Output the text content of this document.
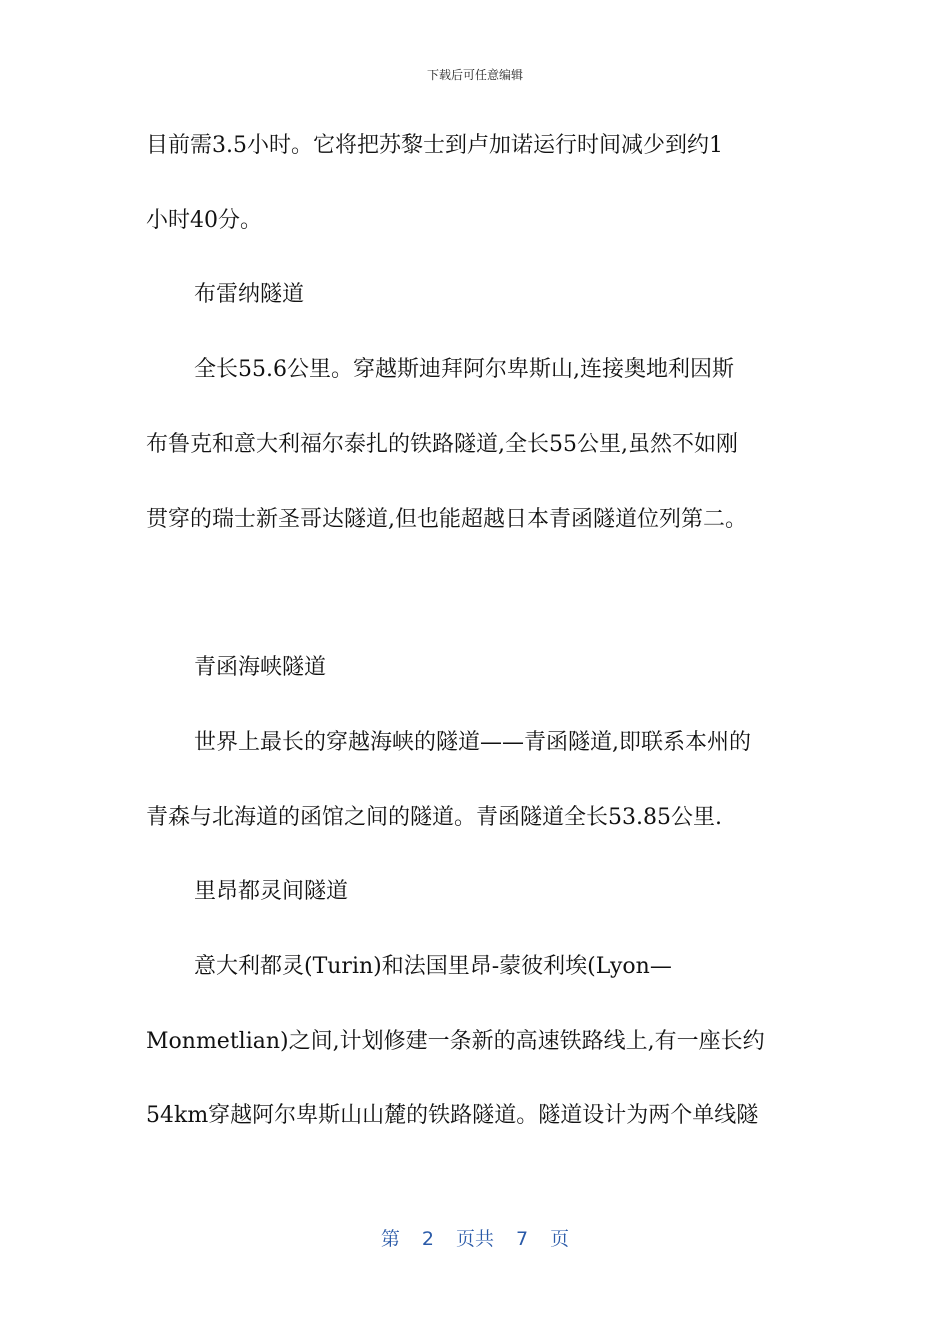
下载后可任意编辑
目前需3.5小时。它将把苏黎士到卢加诺运行时间减少到约1
小时40分。
布雷纳隧道
全长55.6公里。穿越斯迪拜阿尔卑斯山,连接奥地利因斯
布鲁克和意大利福尔泰扎的铁路隧道,全长55公里,虽然不如刚
贯穿的瑞士新圣哥达隧道,但也能超越日本青函隧道位列第二。
青函海峡隧道
世界上最长的穿越海峡的隧道——青函隧道,即联系本州的
青森与北海道的函馆之间的隧道。青函隧道全长53.85公里.
里昂都灵间隧道
意大利都灵(Turin)和法国里昂-蒙彼利埃(Lyon—
Monmetlian)之间,计划修建一条新的高速铁路线上,有一座长约
54km穿越阿尔卑斯山山麓的铁路隧道。隧道设计为两个单线隧
第 2 页共 7 页
